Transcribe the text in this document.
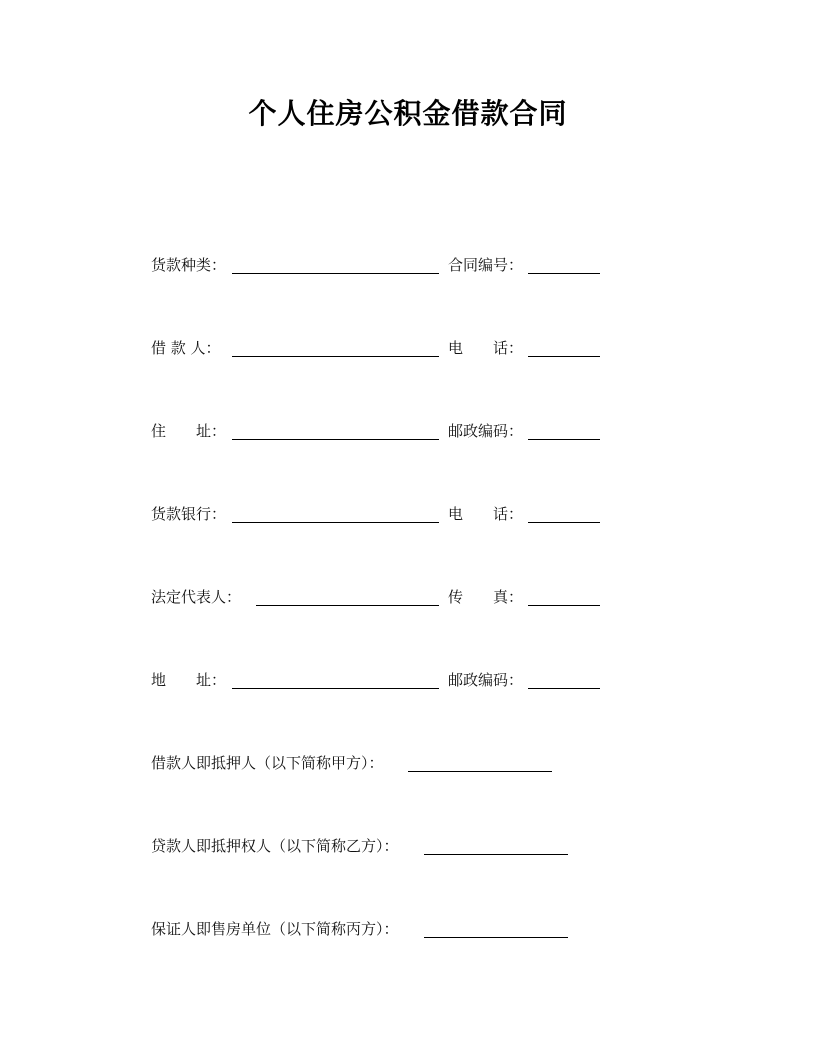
个人住房公积金借款合同
货款种类：	合同编号：
借 款 人：	电　　话：
住　　址：	邮政编码：
货款银行：	电　　话：
法定代表人：	传　　真：
地　　址：	邮政编码：
借款人即抵押人（以下简称甲方）：
贷款人即抵押权人（以下简称乙方）：
保证人即售房单位（以下简称丙方）：
